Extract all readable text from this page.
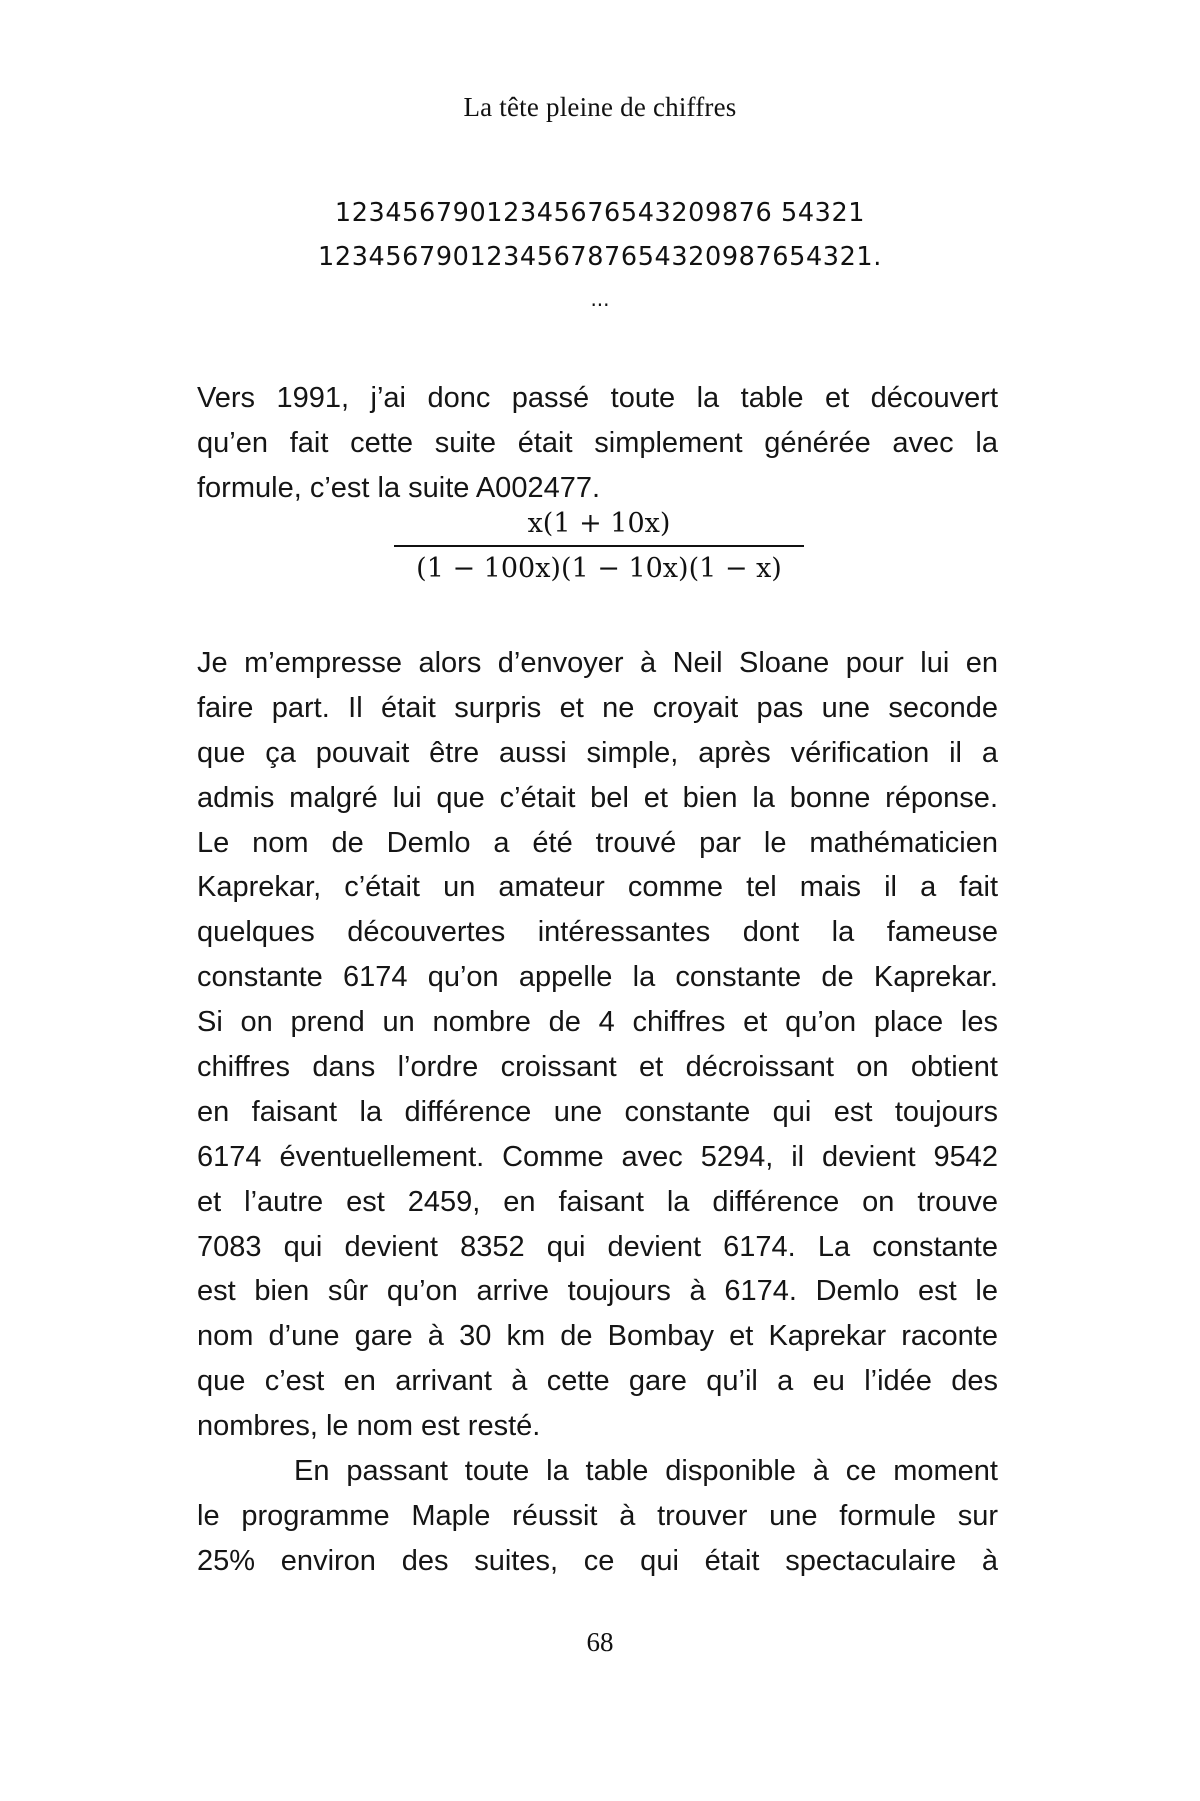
La tête pleine de chiffres
12345679012345676543209876 54321
123456790123456787654320987654321.
...
Vers 1991, j’ai donc passé toute la table et découvert
qu’en fait cette suite était simplement générée avec la
formule, c’est la suite A002477.
x(1 + 10x)
(1 − 100x)(1 − 10x)(1 − x)
Je m’empresse alors d’envoyer à Neil Sloane pour lui en
faire part. Il était surpris et ne croyait pas une seconde
que ça pouvait être aussi simple, après vérification il a
admis malgré lui que c’était bel et bien la bonne réponse.
Le nom de Demlo a été trouvé par le mathématicien
Kaprekar, c’était un amateur comme tel mais il a fait
quelques découvertes intéressantes dont la fameuse
constante 6174 qu’on appelle la constante de Kaprekar.
Si on prend un nombre de 4 chiffres et qu’on place les
chiffres dans l’ordre croissant et décroissant on obtient
en faisant la différence une constante qui est toujours
6174 éventuellement. Comme avec 5294, il devient 9542
et l’autre est 2459, en faisant la différence on trouve
7083 qui devient 8352 qui devient 6174. La constante
est bien sûr qu’on arrive toujours à 6174. Demlo est le
nom d’une gare à 30 km de Bombay et Kaprekar raconte
que c’est en arrivant à cette gare qu’il a eu l’idée des
nombres, le nom est resté.
En passant toute la table disponible à ce moment
le programme Maple réussit à trouver une formule sur
25% environ des suites, ce qui était spectaculaire à
68
